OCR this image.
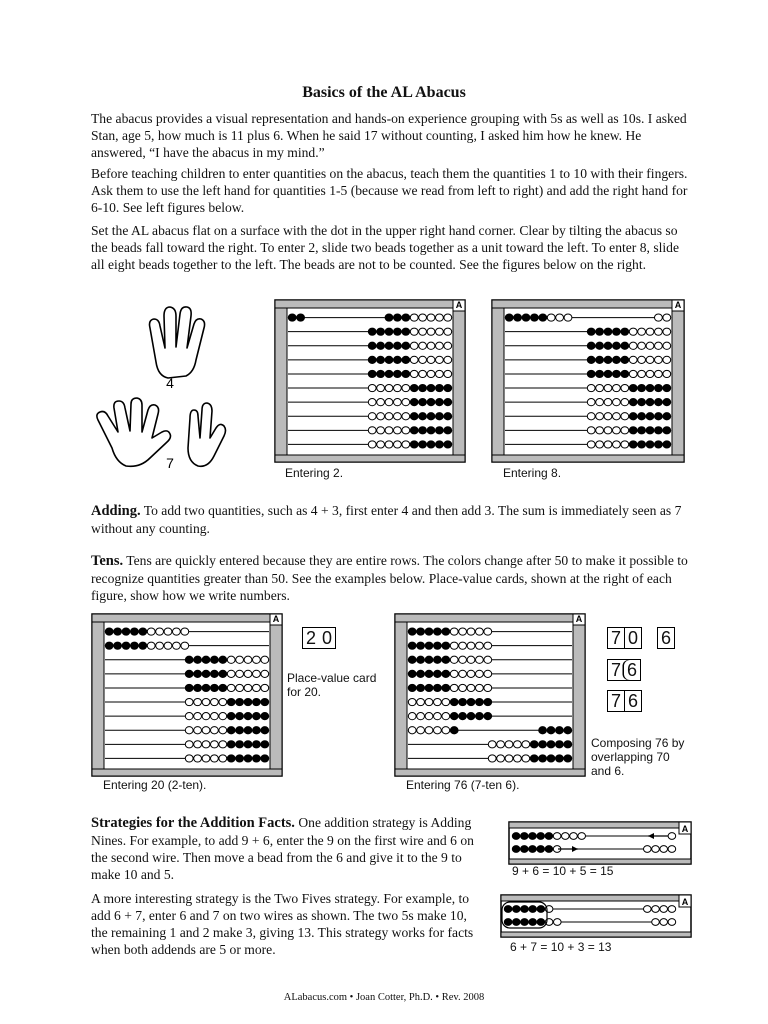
Basics of the AL Abacus
The abacus provides a visual representation and hands-on experience grouping with 5s as well as 10s. I asked Stan, age 5, how much is 11 plus 6. When he said 17 without counting, I asked him how he knew. He answered, “I have the abacus in my mind.”
Before teaching children to enter quantities on the abacus, teach them the quantities 1 to 10 with their fingers. Ask them to use the left hand for quantities 1-5 (because we read from left to right) and add the right hand for 6-10. See left figures below.
Set the AL abacus flat on a surface with the dot in the upper right hand corner. Clear by tilting the abacus so the beads fall toward the right. To enter 2, slide two beads together as a unit toward the left. To enter 8, slide all eight beads together to the left. The beads are not to be counted. See the figures below on the right.
4
7
A
Entering 2.
A
Entering 8.
Adding. To add two quantities, such as 4 + 3, first enter 4 and then add 3. The sum is immediately seen as 7 without any counting.
Tens. Tens are quickly entered because they are entire rows. The colors change after 50 to make it possible to recognize quantities greater than 50. See the examples below. Place-value cards, shown at the right of each figure, show how we write numbers.
A
Entering 20 (2-ten).
2 0
Place-value card for 20.
A
Entering 76 (7-ten 6).
7 0 6
7 6
7 6
Composing 76 by overlapping 70 and 6.
Strategies for the Addition Facts. One addition strategy is Adding Nines. For example, to add 9 + 6, enter the 9 on the first wire and 6 on the second wire. Then move a bead from the 6 and give it to the 9 to make 10 and 5.
A more interesting strategy is the Two Fives strategy. For example, to add 6 + 7, enter 6 and 7 on two wires as shown. The two 5s make 10, the remaining 1 and 2 make 3, giving 13. This strategy works for facts when both addends are 5 or more.
A
9 + 6 = 10 + 5 = 15
A
6 + 7 = 10 + 3 = 13
ALabacus.com • Joan Cotter, Ph.D. • Rev. 2008
